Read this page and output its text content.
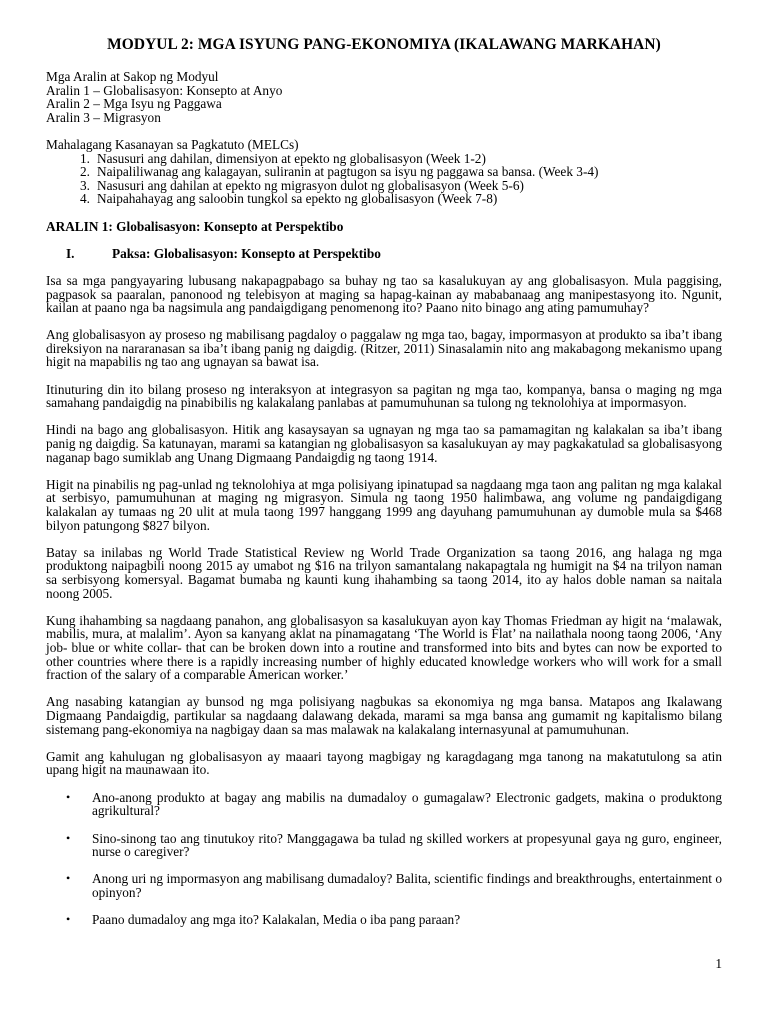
MODYUL 2: MGA ISYUNG PANG-EKONOMIYA (IKALAWANG MARKAHAN)
Mga Aralin at Sakop ng Modyul
Aralin 1 – Globalisasyon: Konsepto at Anyo
Aralin 2 – Mga Isyu ng Paggawa
Aralin 3 – Migrasyon
Mahalagang Kasanayan sa Pagkatuto (MELCs)
1. Nasusuri ang dahilan, dimensiyon at epekto ng globalisasyon (Week 1-2)
2. Naipaliliwanag ang kalagayan, suliranin at pagtugon sa isyu ng paggawa sa bansa. (Week 3-4)
3. Nasusuri ang dahilan at epekto ng migrasyon dulot ng globalisasyon (Week 5-6)
4. Naipahahayag ang saloobin tungkol sa epekto ng globalisasyon (Week 7-8)
ARALIN 1: Globalisasyon: Konsepto at Perspektibo
I.	Paksa: Globalisasyon: Konsepto at Perspektibo

Isa sa mga pangyayaring lubusang nakapagpabago sa buhay ng tao sa kasalukuyan ay ang globalisasyon. Mula paggising, pagpasok sa paaralan, panonood ng telebisyon at maging sa hapag-kainan ay mababanaag ang manipestasyong ito. Ngunit, kailan at paano nga ba nagsimula ang pandaigdigang penomenong ito? Paano nito binago ang ating pamumuhay?

Ang globalisasyon ay proseso ng mabilisang pagdaloy o paggalaw ng mga tao, bagay, impormasyon at produkto sa iba’t ibang direksiyon na nararanasan sa iba’t ibang panig ng daigdig. (Ritzer, 2011) Sinasalamin nito ang makabagong mekanismo upang higit na mapabilis ng tao ang ugnayan sa bawat isa.

Itinuturing din ito bilang proseso ng interaksyon at integrasyon sa pagitan ng mga tao, kompanya, bansa o maging ng mga samahang pandaigdig na pinabibilis ng kalakalang panlabas at pamumuhunan sa tulong ng teknolohiya at impormasyon.

Hindi na bago ang globalisasyon. Hitik ang kasaysayan sa ugnayan ng mga tao sa pamamagitan ng kalakalan sa iba’t ibang panig ng daigdig. Sa katunayan, marami sa katangian ng globalisasyon sa kasalukuyan ay may pagkakatulad sa globalisasyong naganap bago sumiklab ang Unang Digmaang Pandaigdig ng taong 1914.

Higit na pinabilis ng pag-unlad ng teknolohiya at mga polisiyang ipinatupad sa nagdaang mga taon ang palitan ng mga kalakal at serbisyo, pamumuhunan at maging ng migrasyon. Simula ng taong 1950 halimbawa, ang volume ng pandaigdigang kalakalan ay tumaas ng 20 ulit at mula taong 1997 hanggang 1999 ang dayuhang pamumuhunan ay dumoble mula sa $468 bilyon patungong $827 bilyon.

Batay sa inilabas ng World Trade Statistical Review ng World Trade Organization sa taong 2016, ang halaga ng mga produktong naipagbili noong 2015 ay umabot ng $16 na trilyon samantalang nakapagtala ng humigit na $4 na trilyon naman sa serbisyong komersyal. Bagamat bumaba ng kaunti kung ihahambing sa taong 2014, ito ay halos doble naman sa naitala noong 2005.

Kung ihahambing sa nagdaang panahon, ang globalisasyon sa kasalukuyan ayon kay Thomas Friedman ay higit na ‘malawak, mabilis, mura, at malalim’. Ayon sa kanyang aklat na pinamagatang ‘The World is Flat’ na nailathala noong taong 2006, ‘Any job- blue or white collar- that can be broken down into a routine and transformed into bits and bytes can now be exported to other countries where there is a rapidly increasing number of highly educated knowledge workers who will work for a small fraction of the salary of a comparable American worker.’

Ang nasabing katangian ay bunsod ng mga polisiyang nagbukas sa ekonomiya ng mga bansa. Matapos ang Ikalawang Digmaang Pandaigdig, partikular sa nagdaang dalawang dekada, marami sa mga bansa ang gumamit ng kapitalismo bilang sistemang pang-ekonomiya na nagbigay daan sa mas malawak na kalakalang internasyunal at pamumuhunan.

Gamit ang kahulugan ng globalisasyon ay maaari tayong magbigay ng karagdagang mga tanong na makatutulong sa atin upang higit na maunawaan ito.

•	Ano-anong produkto at bagay ang mabilis na dumadaloy o gumagalaw? Electronic gadgets, makina o produktong agrikultural?
•	Sino-sinong tao ang tinutukoy rito? Manggagawa ba tulad ng skilled workers at propesyunal gaya ng guro, engineer, nurse o caregiver?
•	Anong uri ng impormasyon ang mabilisang dumadaloy? Balita, scientific findings and breakthroughs, entertainment o opinyon?
•	Paano dumadaloy ang mga ito? Kalakalan, Media o iba pang paraan?
1
